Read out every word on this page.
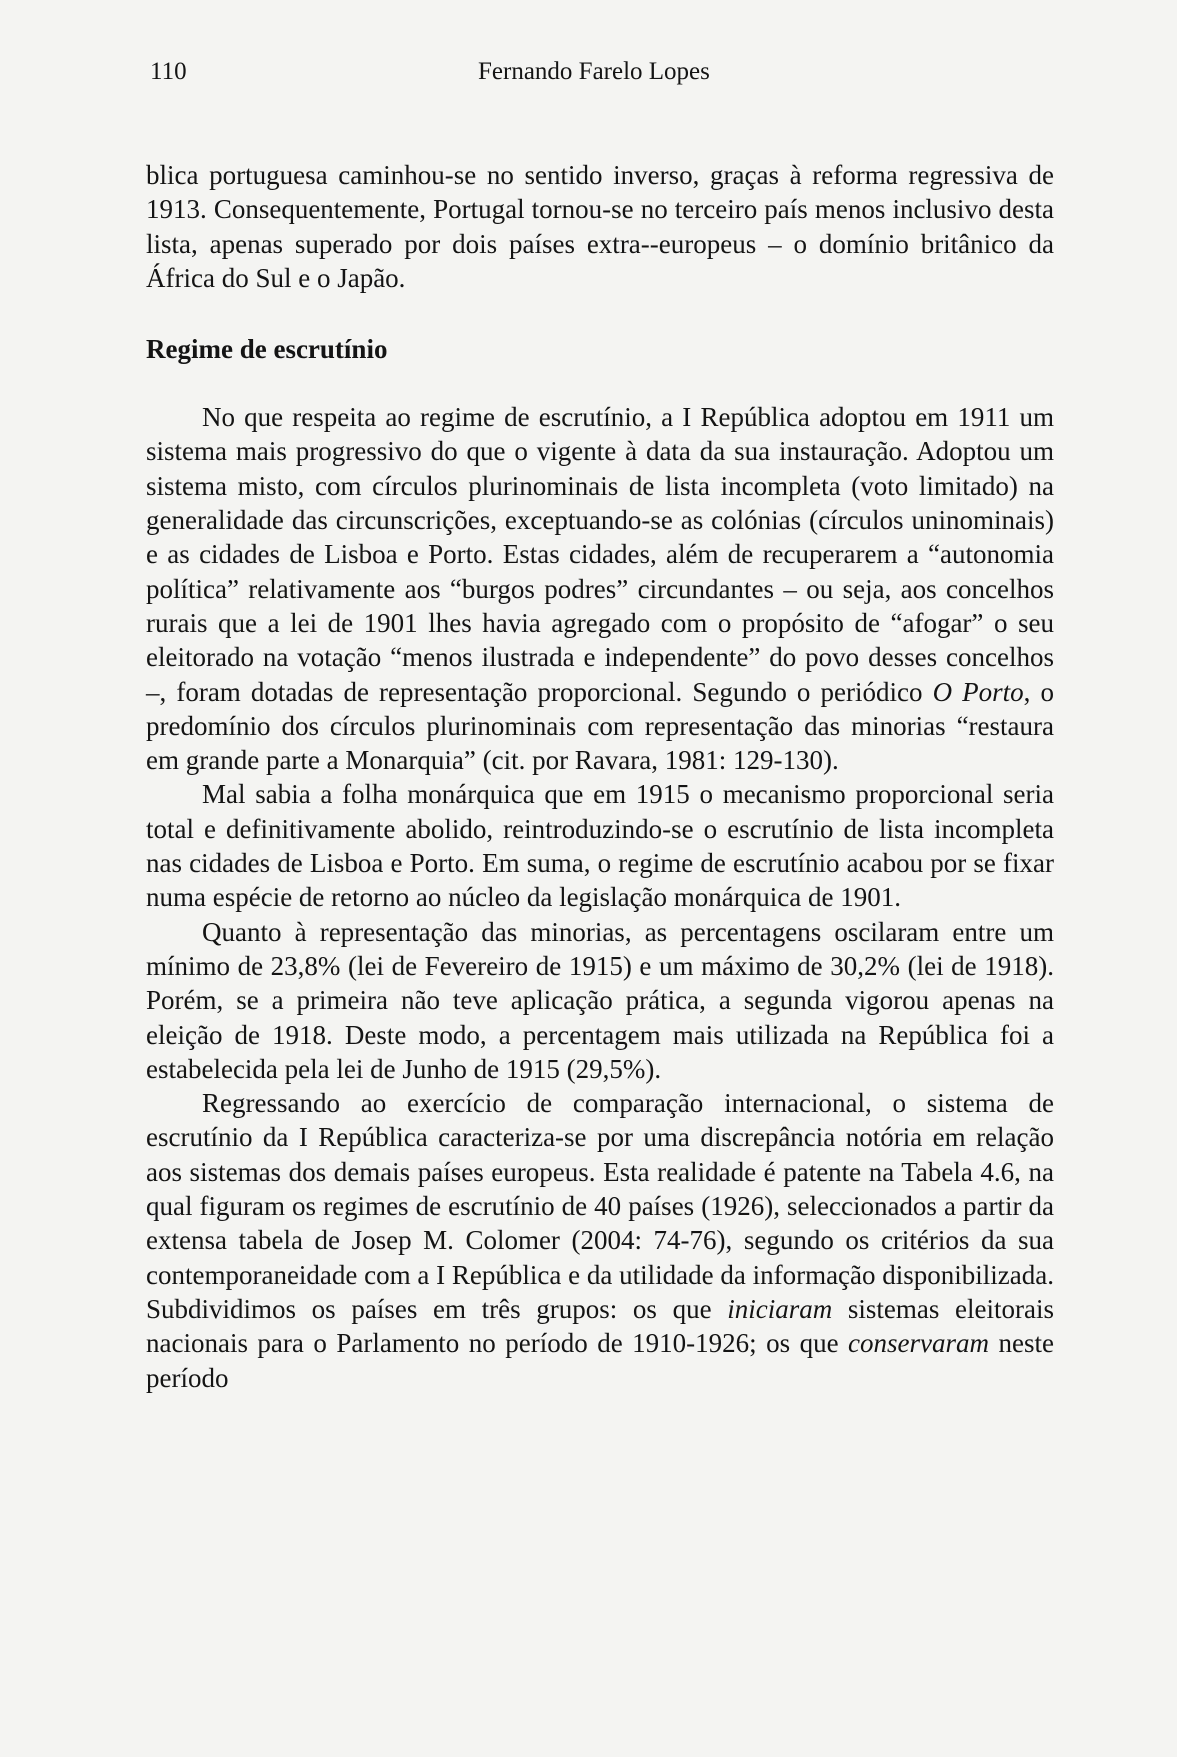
110	Fernando Farelo Lopes

blica portuguesa caminhou-se no sentido inverso, graças à reforma regressiva de 1913. Consequentemente, Portugal tornou-se no terceiro país menos inclusivo desta lista, apenas superado por dois países extra--europeus – o domínio britânico da África do Sul e o Japão.

Regime de escrutínio

No que respeita ao regime de escrutínio, a I República adoptou em 1911 um sistema mais progressivo do que o vigente à data da sua instauração. Adoptou um sistema misto, com círculos plurinominais de lista incompleta (voto limitado) na generalidade das circunscrições, exceptuando-se as colónias (círculos uninominais) e as cidades de Lisboa e Porto. Estas cidades, além de recuperarem a “autonomia política” relativamente aos “burgos podres” circundantes – ou seja, aos concelhos rurais que a lei de 1901 lhes havia agregado com o propósito de “afogar” o seu eleitorado na votação “menos ilustrada e independente” do povo desses concelhos –, foram dotadas de representação proporcional. Segundo o periódico O Porto, o predomínio dos círculos plurinominais com representação das minorias “restaura em grande parte a Monarquia” (cit. por Ravara, 1981: 129-130).

Mal sabia a folha monárquica que em 1915 o mecanismo proporcional seria total e definitivamente abolido, reintroduzindo-se o escrutínio de lista incompleta nas cidades de Lisboa e Porto. Em suma, o regime de escrutínio acabou por se fixar numa espécie de retorno ao núcleo da legislação monárquica de 1901.

Quanto à representação das minorias, as percentagens oscilaram entre um mínimo de 23,8% (lei de Fevereiro de 1915) e um máximo de 30,2% (lei de 1918). Porém, se a primeira não teve aplicação prática, a segunda vigorou apenas na eleição de 1918. Deste modo, a percentagem mais utilizada na República foi a estabelecida pela lei de Junho de 1915 (29,5%).

Regressando ao exercício de comparação internacional, o sistema de escrutínio da I República caracteriza-se por uma discrepância notória em relação aos sistemas dos demais países europeus. Esta realidade é patente na Tabela 4.6, na qual figuram os regimes de escrutínio de 40 países (1926), seleccionados a partir da extensa tabela de Josep M. Colomer (2004: 74-76), segundo os critérios da sua contemporaneidade com a I República e da utilidade da informação disponibilizada. Subdividimos os países em três grupos: os que iniciaram sistemas eleitorais nacionais para o Parlamento no período de 1910-1926; os que conservaram neste período
